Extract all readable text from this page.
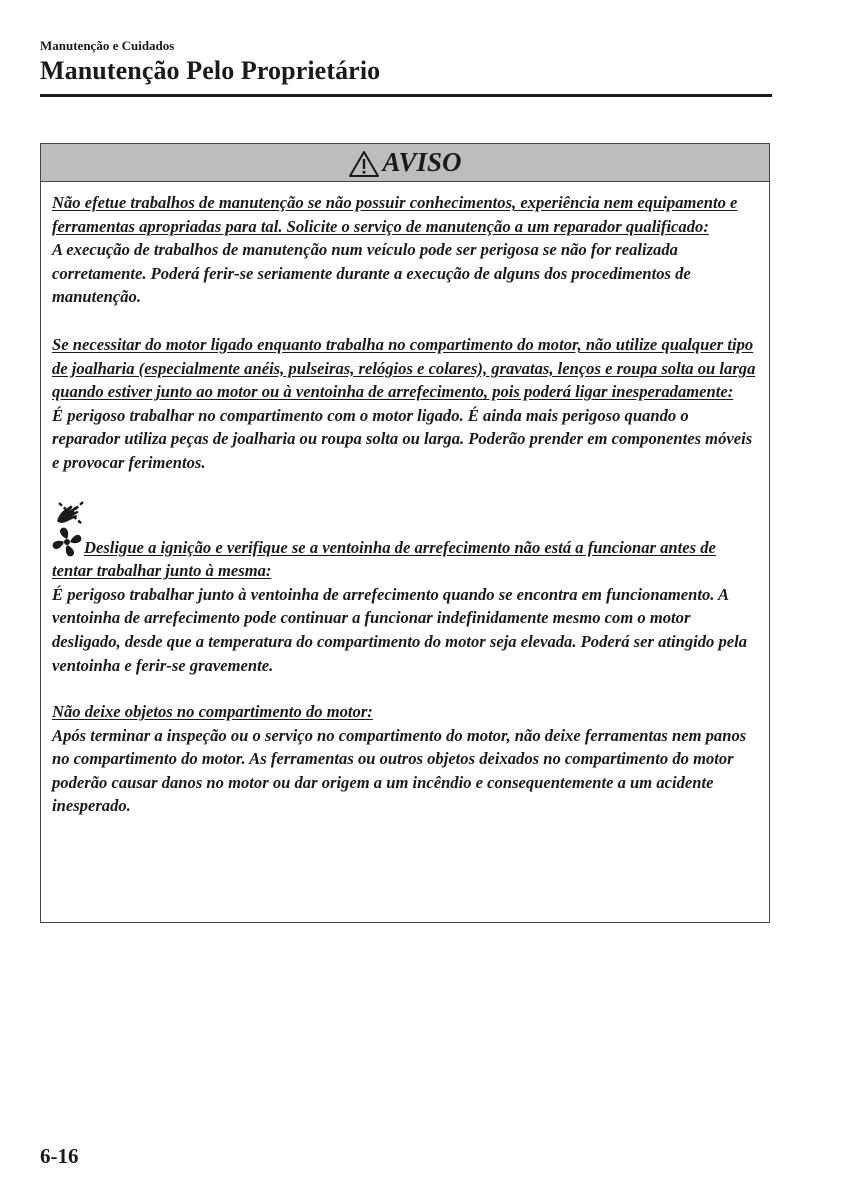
Manutenção e Cuidados
Manutenção Pelo Proprietário
AVISO
Não efetue trabalhos de manutenção se não possuir conhecimentos, experiência nem equipamento e ferramentas apropriadas para tal. Solicite o serviço de manutenção a um reparador qualificado:
A execução de trabalhos de manutenção num veículo pode ser perigosa se não for realizada corretamente. Poderá ferir-se seriamente durante a execução de alguns dos procedimentos de manutenção.
Se necessitar do motor ligado enquanto trabalha no compartimento do motor, não utilize qualquer tipo de joalharia (especialmente anéis, pulseiras, relógios e colares), gravatas, lenços e roupa solta ou larga quando estiver junto ao motor ou à ventoinha de arrefecimento, pois poderá ligar inesperadamente:
É perigoso trabalhar no compartimento com o motor ligado. É ainda mais perigoso quando o reparador utiliza peças de joalharia ou roupa solta ou larga. Poderão prender em componentes móveis e provocar ferimentos.
Desligue a ignição e verifique se a ventoinha de arrefecimento não está a funcionar antes de tentar trabalhar junto à mesma:
É perigoso trabalhar junto à ventoinha de arrefecimento quando se encontra em funcionamento. A ventoinha de arrefecimento pode continuar a funcionar indefinidamente mesmo com o motor desligado, desde que a temperatura do compartimento do motor seja elevada. Poderá ser atingido pela ventoinha e ferir-se gravemente.
Não deixe objetos no compartimento do motor:
Após terminar a inspeção ou o serviço no compartimento do motor, não deixe ferramentas nem panos no compartimento do motor. As ferramentas ou outros objetos deixados no compartimento do motor poderão causar danos no motor ou dar origem a um incêndio e consequentemente a um acidente inesperado.
6-16
